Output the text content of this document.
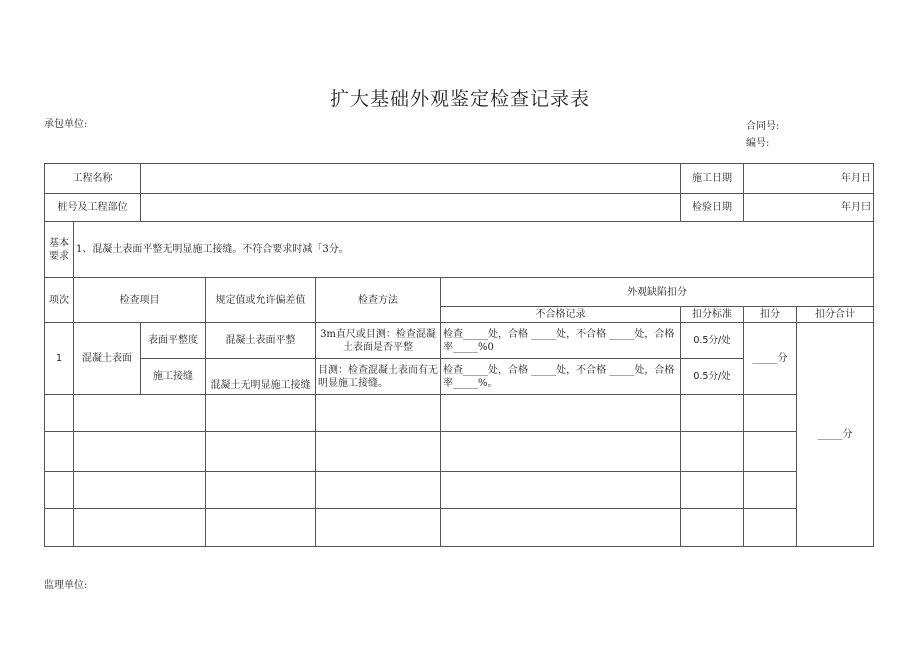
扩大基础外观鉴定检查记录表
承包单位:	合同号:
编号:
工程名称						施工日期	年月日	
桩号及工程部位						检验日期	年月曰	
基本要求	1、混凝土表面平整无明显施工接缝。不符合要求时减「3分。							
项次	检查项目		规定值或允许偏差值	检查方法	外观缺陷扣分			
					不合格记录	扣分标准	扣分	扣分合计
1	混凝土表面	表面平整度	混凝土表面平整	3m直尺或目测：检查混凝土表面是否平整	检查_____处，合格 _____处，不合格 _____处，合格率_____%0	0.5分/处	_____分	_____分
		施工接缝	混凝土无明显施工接缝	目测：检查混凝土表而有无明显施工接缝。	检查_____处，合格 _____处，不合格 _____处，合格率_____%。	0.5分/处		

监理单位:
